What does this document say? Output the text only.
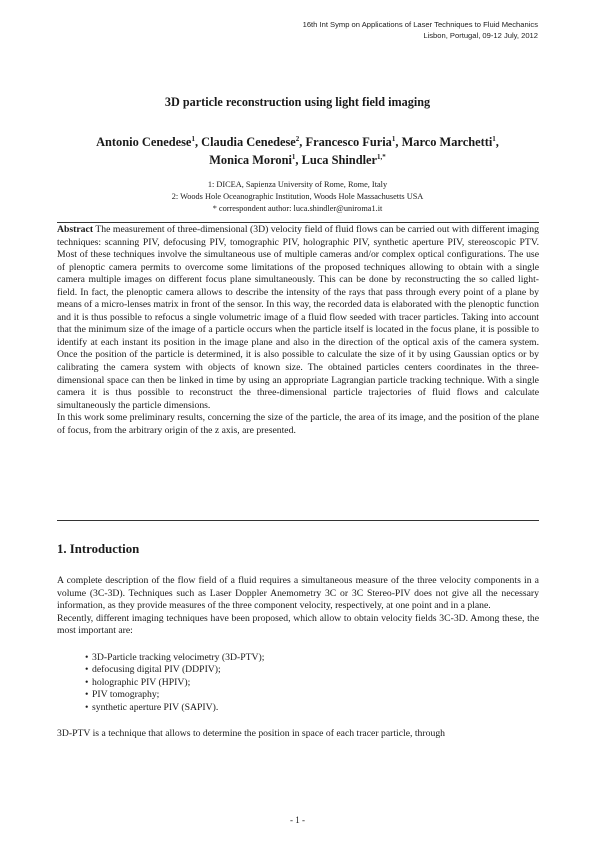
16th Int Symp on Applications of Laser Techniques to Fluid Mechanics
Lisbon, Portugal, 09-12 July, 2012
3D particle reconstruction using light field imaging
Antonio Cenedese$^1$, Claudia Cenedese$^2$, Francesco Furia$^1$, Marco Marchetti$^1$,
Monica Moroni$^1$, Luca Shindler$^{1,*}$
1: DICEA, Sapienza University of Rome, Rome, Italy
2: Woods Hole Oceanographic Institution, Woods Hole Massachusetts USA
* correspondent author: luca.shindler@uniroma1.it

Abstract The measurement of three-dimensional (3D) velocity field of fluid flows can be carried out with different imaging techniques: scanning PIV, defocusing PIV, tomographic PIV, holographic PIV, synthetic aperture PIV, stereoscopic PTV. Most of these techniques involve the simultaneous use of multiple cameras and/or complex optical configurations. The use of plenoptic camera permits to overcome some limitations of the proposed techniques allowing to obtain with a single camera multiple images on different focus plane simultaneously. This can be done by reconstructing the so called light-field. In fact, the plenoptic camera allows to describe the intensity of the rays that pass through every point of a plane by means of a micro-lenses matrix in front of the sensor. In this way, the recorded data is elaborated with the plenoptic function and it is thus possible to refocus a single volumetric image of a fluid flow seeded with tracer particles. Taking into account that the minimum size of the image of a particle occurs when the particle itself is located in the focus plane, it is possible to identify at each instant its position in the image plane and also in the direction of the optical axis of the camera system. Once the position of the particle is determined, it is also possible to calculate the size of it by using Gaussian optics or by calibrating the camera system with objects of known size. The obtained particles centers coordinates in the three-dimensional space can then be linked in time by using an appropriate Lagrangian particle tracking technique. With a single camera it is thus possible to reconstruct the three-dimensional particle trajectories of fluid flows and calculate simultaneously the particle dimensions.

In this work some preliminary results, concerning the size of the particle, the area of its image, and the position of the plane of focus, from the arbitrary origin of the z axis, are presented.

1. Introduction

A complete description of the flow field of a fluid requires a simultaneous measure of the three velocity components in a volume (3C-3D). Techniques such as Laser Doppler Anemometry 3C or 3C Stereo-PIV does not give all the necessary information, as they provide measures of the three component velocity, respectively, at one point and in a plane.

Recently, different imaging techniques have been proposed, which allow to obtain velocity fields 3C-3D. Among these, the most important are:

• 3D-Particle tracking velocimetry (3D-PTV);
• defocusing digital PIV (DDPIV);
• holographic PIV (HPIV);
• PIV tomography;
• synthetic aperture PIV (SAPIV).

3D-PTV is a technique that allows to determine the position in space of each tracer particle, through

- 1 -
